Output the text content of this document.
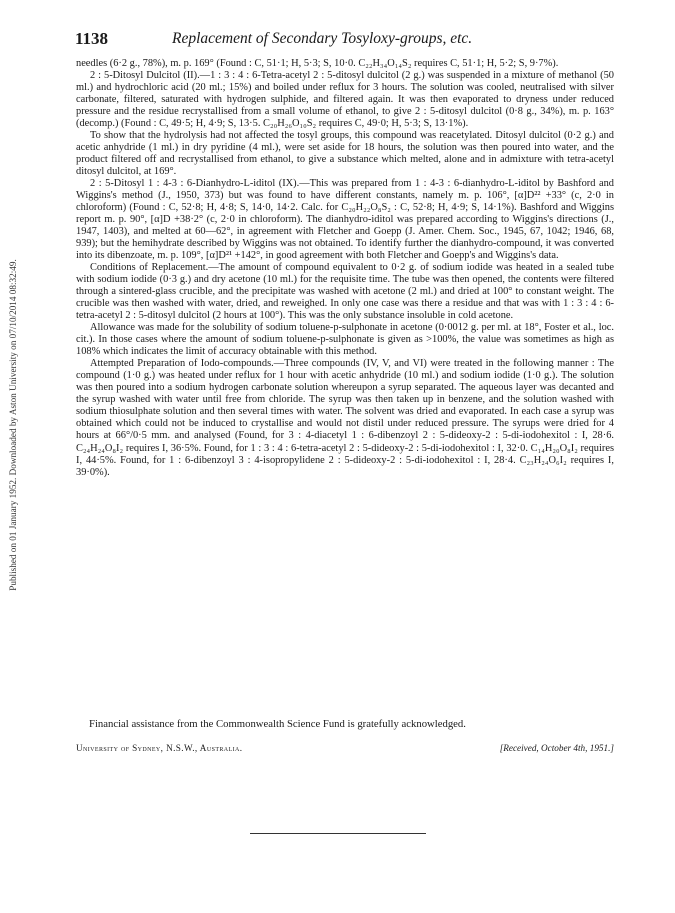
Published on 01 January 1952. Downloaded by Aston University on 07/10/2014 08:32:49.
1138	Replacement of Secondary Tosyloxy-groups, etc.

needles (6·2 g., 78%), m. p. 169° (Found : C, 51·1; H, 5·3; S, 10·0. C₂₂H₃₄O₁₄S₂ requires C, 51·1; H, 5·2; S, 9·7%).

2 : 5-Ditosyl Dulcitol (II).—1 : 3 : 4 : 6-Tetra-acetyl 2 : 5-ditosyl dulcitol (2 g.) was suspended in a mixture of methanol (50 ml.) and hydrochloric acid (20 ml.; 15%) and boiled under reflux for 3 hours. The solution was cooled, neutralised with silver carbonate, filtered, saturated with hydrogen sulphide, and filtered again. It was then evaporated to dryness under reduced pressure and the residue recrystallised from a small volume of ethanol, to give 2 : 5-ditosyl dulcitol (0·8 g., 34%), m. p. 163° (decomp.) (Found : C, 49·5; H, 4·9; S, 13·5. C₂₀H₂₆O₁₀S₂ requires C, 49·0; H, 5·3; S, 13·1%).

To show that the hydrolysis had not affected the tosyl groups, this compound was reacetylated. Ditosyl dulcitol (0·2 g.) and acetic anhydride (1 ml.) in dry pyridine (4 ml.), were set aside for 18 hours, the solution was then poured into water, and the product filtered off and recrystallised from ethanol, to give a substance which melted, alone and in admixture with tetra-acetyl ditosyl dulcitol, at 169°.

2 : 5-Ditosyl 1 : 4-3 : 6-Dianhydro-L-iditol (IX).—This was prepared from 1 : 4-3 : 6-dianhydro-L-iditol by Bashford and Wiggins's method (J., 1950, 373) but was found to have different constants, namely m. p. 106°, [α]D²² +33° (c, 2·0 in chloroform) (Found : C, 52·8; H, 4·8; S, 14·0, 14·2. Calc. for C₂₀H₂₂O₈S₂ : C, 52·8; H, 4·9; S, 14·1%). Bashford and Wiggins report m. p. 90°, [α]D +38·2° (c, 2·0 in chloroform). The dianhydro-iditol was prepared according to Wiggins's directions (J., 1947, 1403), and melted at 60—62°, in agreement with Fletcher and Goepp (J. Amer. Chem. Soc., 1945, 67, 1042; 1946, 68, 939); but the hemihydrate described by Wiggins was not obtained. To identify further the dianhydro-compound, it was converted into its dibenzoate, m. p. 109°, [α]D²¹ +142°, in good agreement with both Fletcher and Goepp's and Wiggins's data.

Conditions of Replacement.—The amount of compound equivalent to 0·2 g. of sodium iodide was heated in a sealed tube with sodium iodide (0·3 g.) and dry acetone (10 ml.) for the requisite time. The tube was then opened, the contents were filtered through a sintered-glass crucible, and the precipitate was washed with acetone (2 ml.) and dried at 100° to constant weight. The crucible was then washed with water, dried, and reweighed. In only one case was there a residue and that was with 1 : 3 : 4 : 6-tetra-acetyl 2 : 5-ditosyl dulcitol (2 hours at 100°). This was the only substance insoluble in cold acetone.

Allowance was made for the solubility of sodium toluene-p-sulphonate in acetone (0·0012 g. per ml. at 18°, Foster et al., loc. cit.). In those cases where the amount of sodium toluene-p-sulphonate is given as >100%, the value was sometimes as high as 108% which indicates the limit of accuracy obtainable with this method.

Attempted Preparation of Iodo-compounds.—Three compounds (IV, V, and VI) were treated in the following manner : The compound (1·0 g.) was heated under reflux for 1 hour with acetic anhydride (10 ml.) and sodium iodide (1·0 g.). The solution was then poured into a sodium hydrogen carbonate solution whereupon a syrup separated. The aqueous layer was decanted and the syrup washed with water until free from chloride. The syrup was then taken up in benzene, and the solution washed with sodium thiosulphate solution and then several times with water. The solvent was dried and evaporated. In each case a syrup was obtained which could not be induced to crystallise and would not distil under reduced pressure. The syrups were dried for 4 hours at 66°/0·5 mm. and analysed (Found, for 3 : 4-diacetyl 1 : 6-dibenzoyl 2 : 5-dideoxy-2 : 5-di-iodohexitol : I, 28·6. C₂₄H₂₄O₈I₂ requires I, 36·5%. Found, for 1 : 3 : 4 : 6-tetra-acetyl 2 : 5-dideoxy-2 : 5-di-iodohexitol : I, 32·0. C₁₄H₂₀O₈I₂ requires I, 44·5%. Found, for 1 : 6-dibenzoyl 3 : 4-isopropylidene 2 : 5-dideoxy-2 : 5-di-iodohexitol : I, 28·4. C₂₃H₂₄O₆I₂ requires I, 39·0%).

Financial assistance from the Commonwealth Science Fund is gratefully acknowledged.
University of Sydney, N.S.W., Australia.	[Received, October 4th, 1951.]
